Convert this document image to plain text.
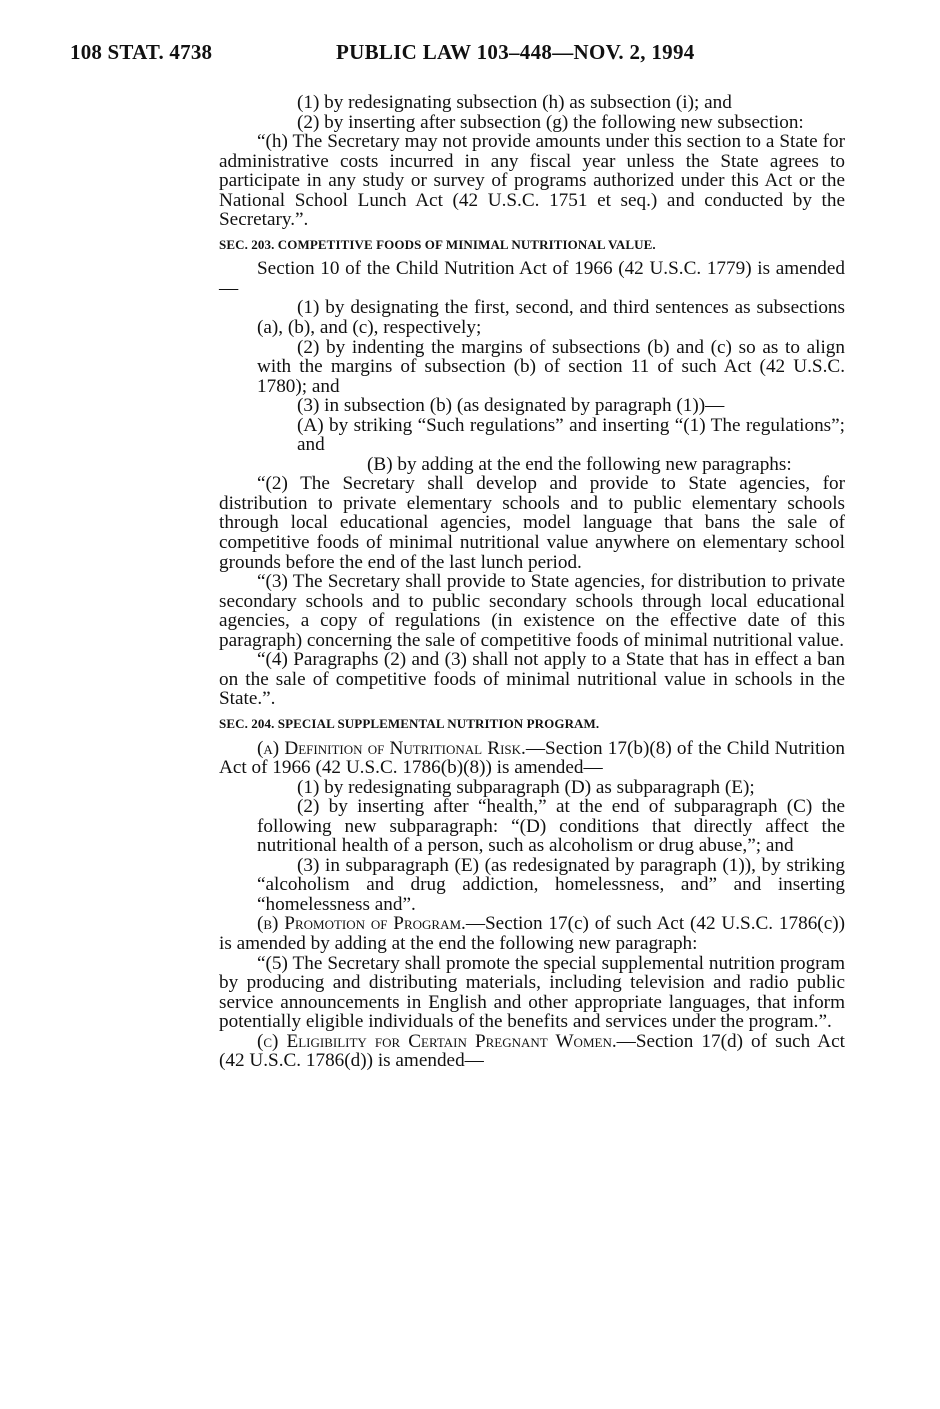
108 STAT. 4738	PUBLIC LAW 103–448—NOV. 2, 1994

(1) by redesignating subsection (h) as subsection (i); and

(2) by inserting after subsection (g) the following new subsection:

“(h) The Secretary may not provide amounts under this section to a State for administrative costs incurred in any fiscal year unless the State agrees to participate in any study or survey of programs authorized under this Act or the National School Lunch Act (42 U.S.C. 1751 et seq.) and conducted by the Secretary.”.

SEC. 203. COMPETITIVE FOODS OF MINIMAL NUTRITIONAL VALUE.

Section 10 of the Child Nutrition Act of 1966 (42 U.S.C. 1779) is amended—

(1) by designating the first, second, and third sentences as subsections (a), (b), and (c), respectively;

(2) by indenting the margins of subsections (b) and (c) so as to align with the margins of subsection (b) of section 11 of such Act (42 U.S.C. 1780); and

(3) in subsection (b) (as designated by paragraph (1))—

(A) by striking “Such regulations” and inserting “(1) The regulations”; and

(B) by adding at the end the following new paragraphs:

“(2) The Secretary shall develop and provide to State agencies, for distribution to private elementary schools and to public elementary schools through local educational agencies, model language that bans the sale of competitive foods of minimal nutritional value anywhere on elementary school grounds before the end of the last lunch period.

“(3) The Secretary shall provide to State agencies, for distribution to private secondary schools and to public secondary schools through local educational agencies, a copy of regulations (in existence on the effective date of this paragraph) concerning the sale of competitive foods of minimal nutritional value.

“(4) Paragraphs (2) and (3) shall not apply to a State that has in effect a ban on the sale of competitive foods of minimal nutritional value in schools in the State.”.

SEC. 204. SPECIAL SUPPLEMENTAL NUTRITION PROGRAM.

(a) Definition of Nutritional Risk.—Section 17(b)(8) of the Child Nutrition Act of 1966 (42 U.S.C. 1786(b)(8)) is amended—

(1) by redesignating subparagraph (D) as subparagraph (E);

(2) by inserting after “health,” at the end of subparagraph (C) the following new subparagraph: “(D) conditions that directly affect the nutritional health of a person, such as alcoholism or drug abuse,”; and

(3) in subparagraph (E) (as redesignated by paragraph (1)), by striking “alcoholism and drug addiction, homelessness, and” and inserting “homelessness and”.

(b) Promotion of Program.—Section 17(c) of such Act (42 U.S.C. 1786(c)) is amended by adding at the end the following new paragraph:

“(5) The Secretary shall promote the special supplemental nutrition program by producing and distributing materials, including television and radio public service announcements in English and other appropriate languages, that inform potentially eligible individuals of the benefits and services under the program.”.

(c) Eligibility for Certain Pregnant Women.—Section 17(d) of such Act (42 U.S.C. 1786(d)) is amended—
